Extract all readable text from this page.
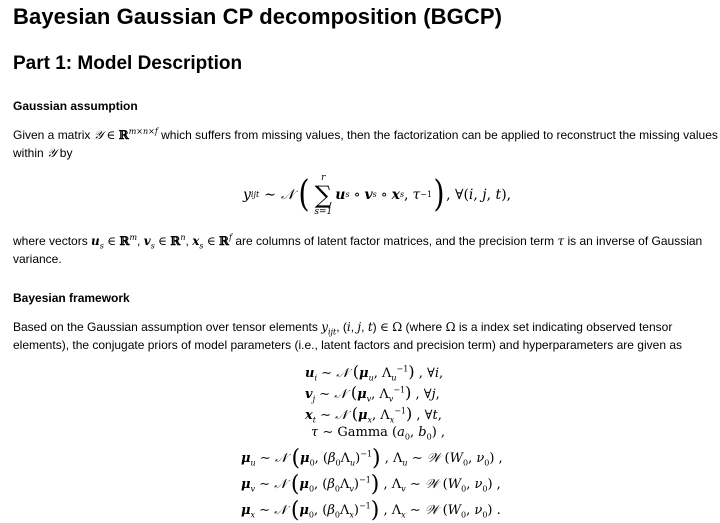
Bayesian Gaussian CP decomposition (BGCP)
Part 1: Model Description
Gaussian assumption

Given a matrix 𝒴 ∈ ℝ$^{m\times n\times f}$ which suffers from missing values, then the factorization can be applied to reconstruct the missing values within 𝒴 by

y ijt ∼ 𝒩 ( r
∑
s=1
u s ∘ v s ∘ x s , τ −1 ) , ∀(i, j, t),

where vectors $u_s$ ∈ ℝ$^m$, $v_s$ ∈ ℝ$^n$, $x_s$ ∈ ℝ$^f$ are columns of latent factor matrices, and the precision term τ is an inverse of Gaussian variance.

Bayesian framework

Based on the Gaussian assumption over tensor elements $y_{ijt}$, (i, j, t) ∈ Ω (where Ω is a index set indicating observed tensor elements), the conjugate priors of model parameters (i.e., latent factors and precision term) and hyperparameters are given as

$u_i$ ∼ 𝒩 ($\mu_u$, $\Lambda_u^{-1}$) , ∀i,
$v_j$ ∼ 𝒩 ($\mu_v$, $\Lambda_v^{-1}$) , ∀j,
$x_t$ ∼ 𝒩 ($\mu_x$, $\Lambda_x^{-1}$) , ∀t,
τ ∼ Gamma ($a_0$, $b_0$) ,
$\mu_u$ ∼ 𝒩 ($\mu_0$, $(\beta_0\Lambda_u)^{-1}$) , $\Lambda_u$ ∼ 𝒲 ($W_0$, $\nu_0$) ,
$\mu_v$ ∼ 𝒩 ($\mu_0$, $(\beta_0\Lambda_v)^{-1}$) , $\Lambda_v$ ∼ 𝒲 ($W_0$, $\nu_0$) ,
$\mu_x$ ∼ 𝒩 ($\mu_0$, $(\beta_0\Lambda_x)^{-1}$) , $\Lambda_x$ ∼ 𝒲 ($W_0$, $\nu_0$) .
